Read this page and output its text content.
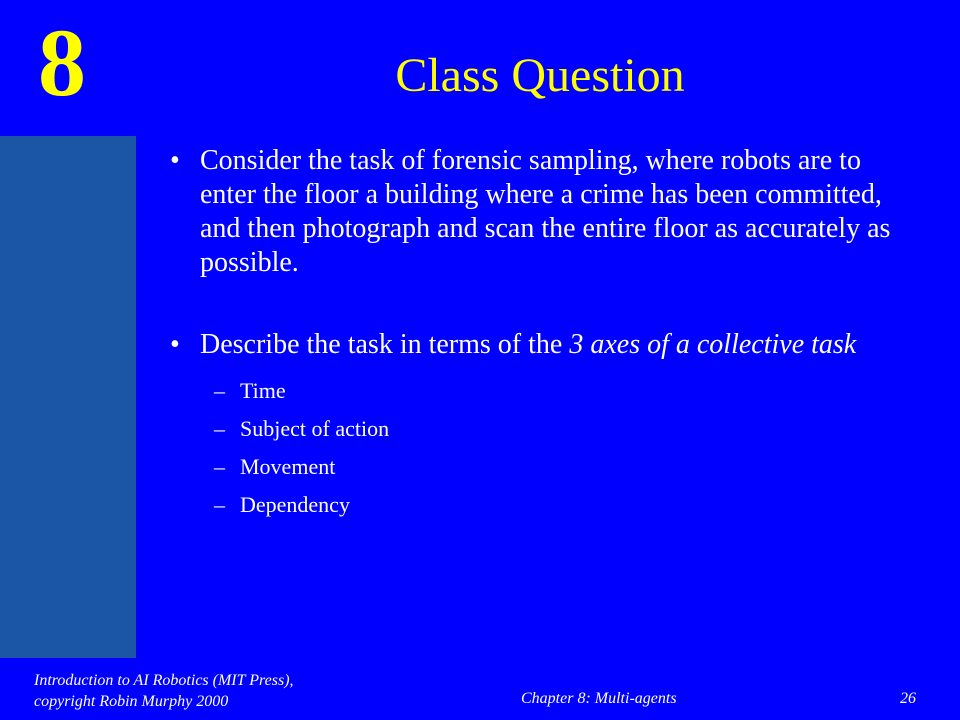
8	Class Question
• Consider the task of forensic sampling, where robots are to enter the floor a building where a crime has been committed, and then photograph and scan the entire floor as accurately as possible.
• Describe the task in terms of the 3 axes of a collective task
– Time
– Subject of action
– Movement
– Dependency
Introduction to AI Robotics (MIT Press),
copyright Robin Murphy 2000	Chapter 8: Multi-agents	26
